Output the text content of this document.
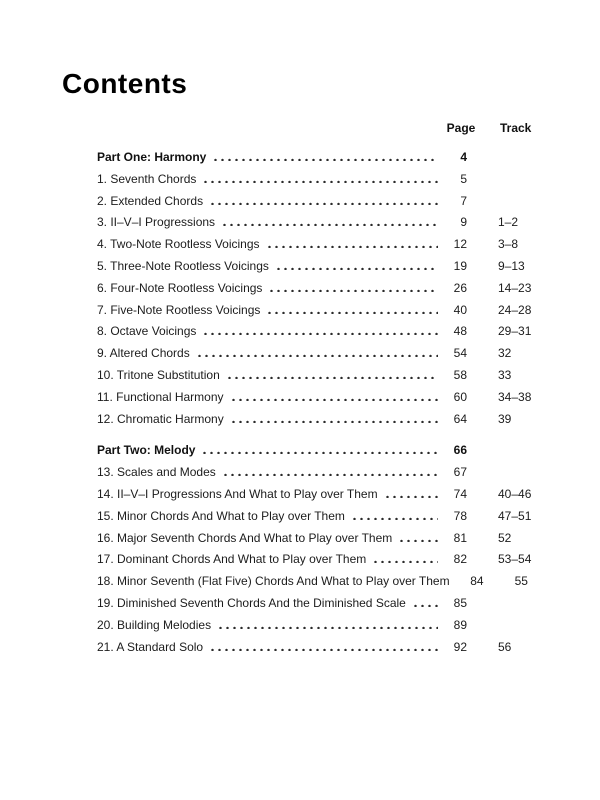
Contents
Page	Track
Part One: Harmony	4
1. Seventh Chords	5
2. Extended Chords	7
3. II–V–I Progressions	9	1–2
4. Two-Note Rootless Voicings	12	3–8
5. Three-Note Rootless Voicings	19	9–13
6. Four-Note Rootless Voicings	26	14–23
7. Five-Note Rootless Voicings	40	24–28
8. Octave Voicings	48	29–31
9. Altered Chords	54	32
10. Tritone Substitution	58	33
11. Functional Harmony	60	34–38
12. Chromatic Harmony	64	39
Part Two: Melody	66
13. Scales and Modes	67
14. II–V–I Progressions And What to Play over Them	74	40–46
15. Minor Chords And What to Play over Them	78	47–51
16. Major Seventh Chords And What to Play over Them	81	52
17. Dominant Chords And What to Play over Them	82	53–54
18. Minor Seventh (Flat Five) Chords And What to Play over Them	84	55
19. Diminished Seventh Chords And the Diminished Scale	85
20. Building Melodies	89
21. A Standard Solo	92	56
